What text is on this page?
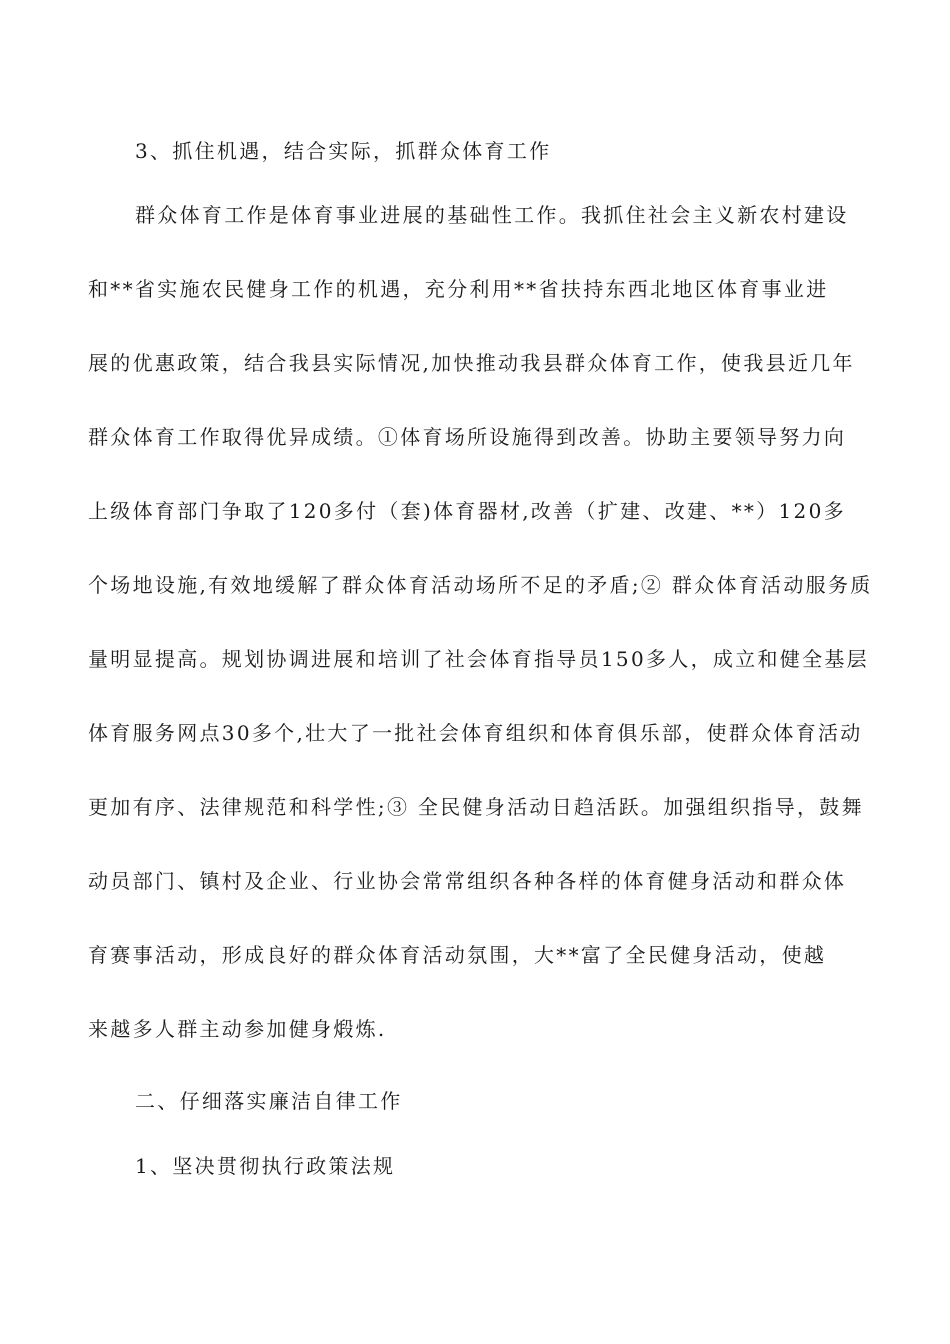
3、抓住机遇，结合实际，抓群众体育工作
群众体育工作是体育事业进展的基础性工作。我抓住社会主义新农村建设
和**省实施农民健身工作的机遇，充分利用**省扶持东西北地区体育事业进
展的优惠政策，结合我县实际情况,加快推动我县群众体育工作，使我县近几年
群众体育工作取得优异成绩。①体育场所设施得到改善。协助主要领导努力向
上级体育部门争取了120多付（套)体育器材,改善（扩建、改建、**）120多
个场地设施,有效地缓解了群众体育活动场所不足的矛盾;② 群众体育活动服务质
量明显提高。规划协调进展和培训了社会体育指导员150多人，成立和健全基层
体育服务网点30多个,壮大了一批社会体育组织和体育俱乐部，使群众体育活动
更加有序、法律规范和科学性;③ 全民健身活动日趋活跃。加强组织指导，鼓舞
动员部门、镇村及企业、行业协会常常组织各种各样的体育健身活动和群众体
育赛事活动，形成良好的群众体育活动氛围，大**富了全民健身活动，使越
来越多人群主动参加健身煅炼.
二、仔细落实廉洁自律工作
1、坚决贯彻执行政策法规
